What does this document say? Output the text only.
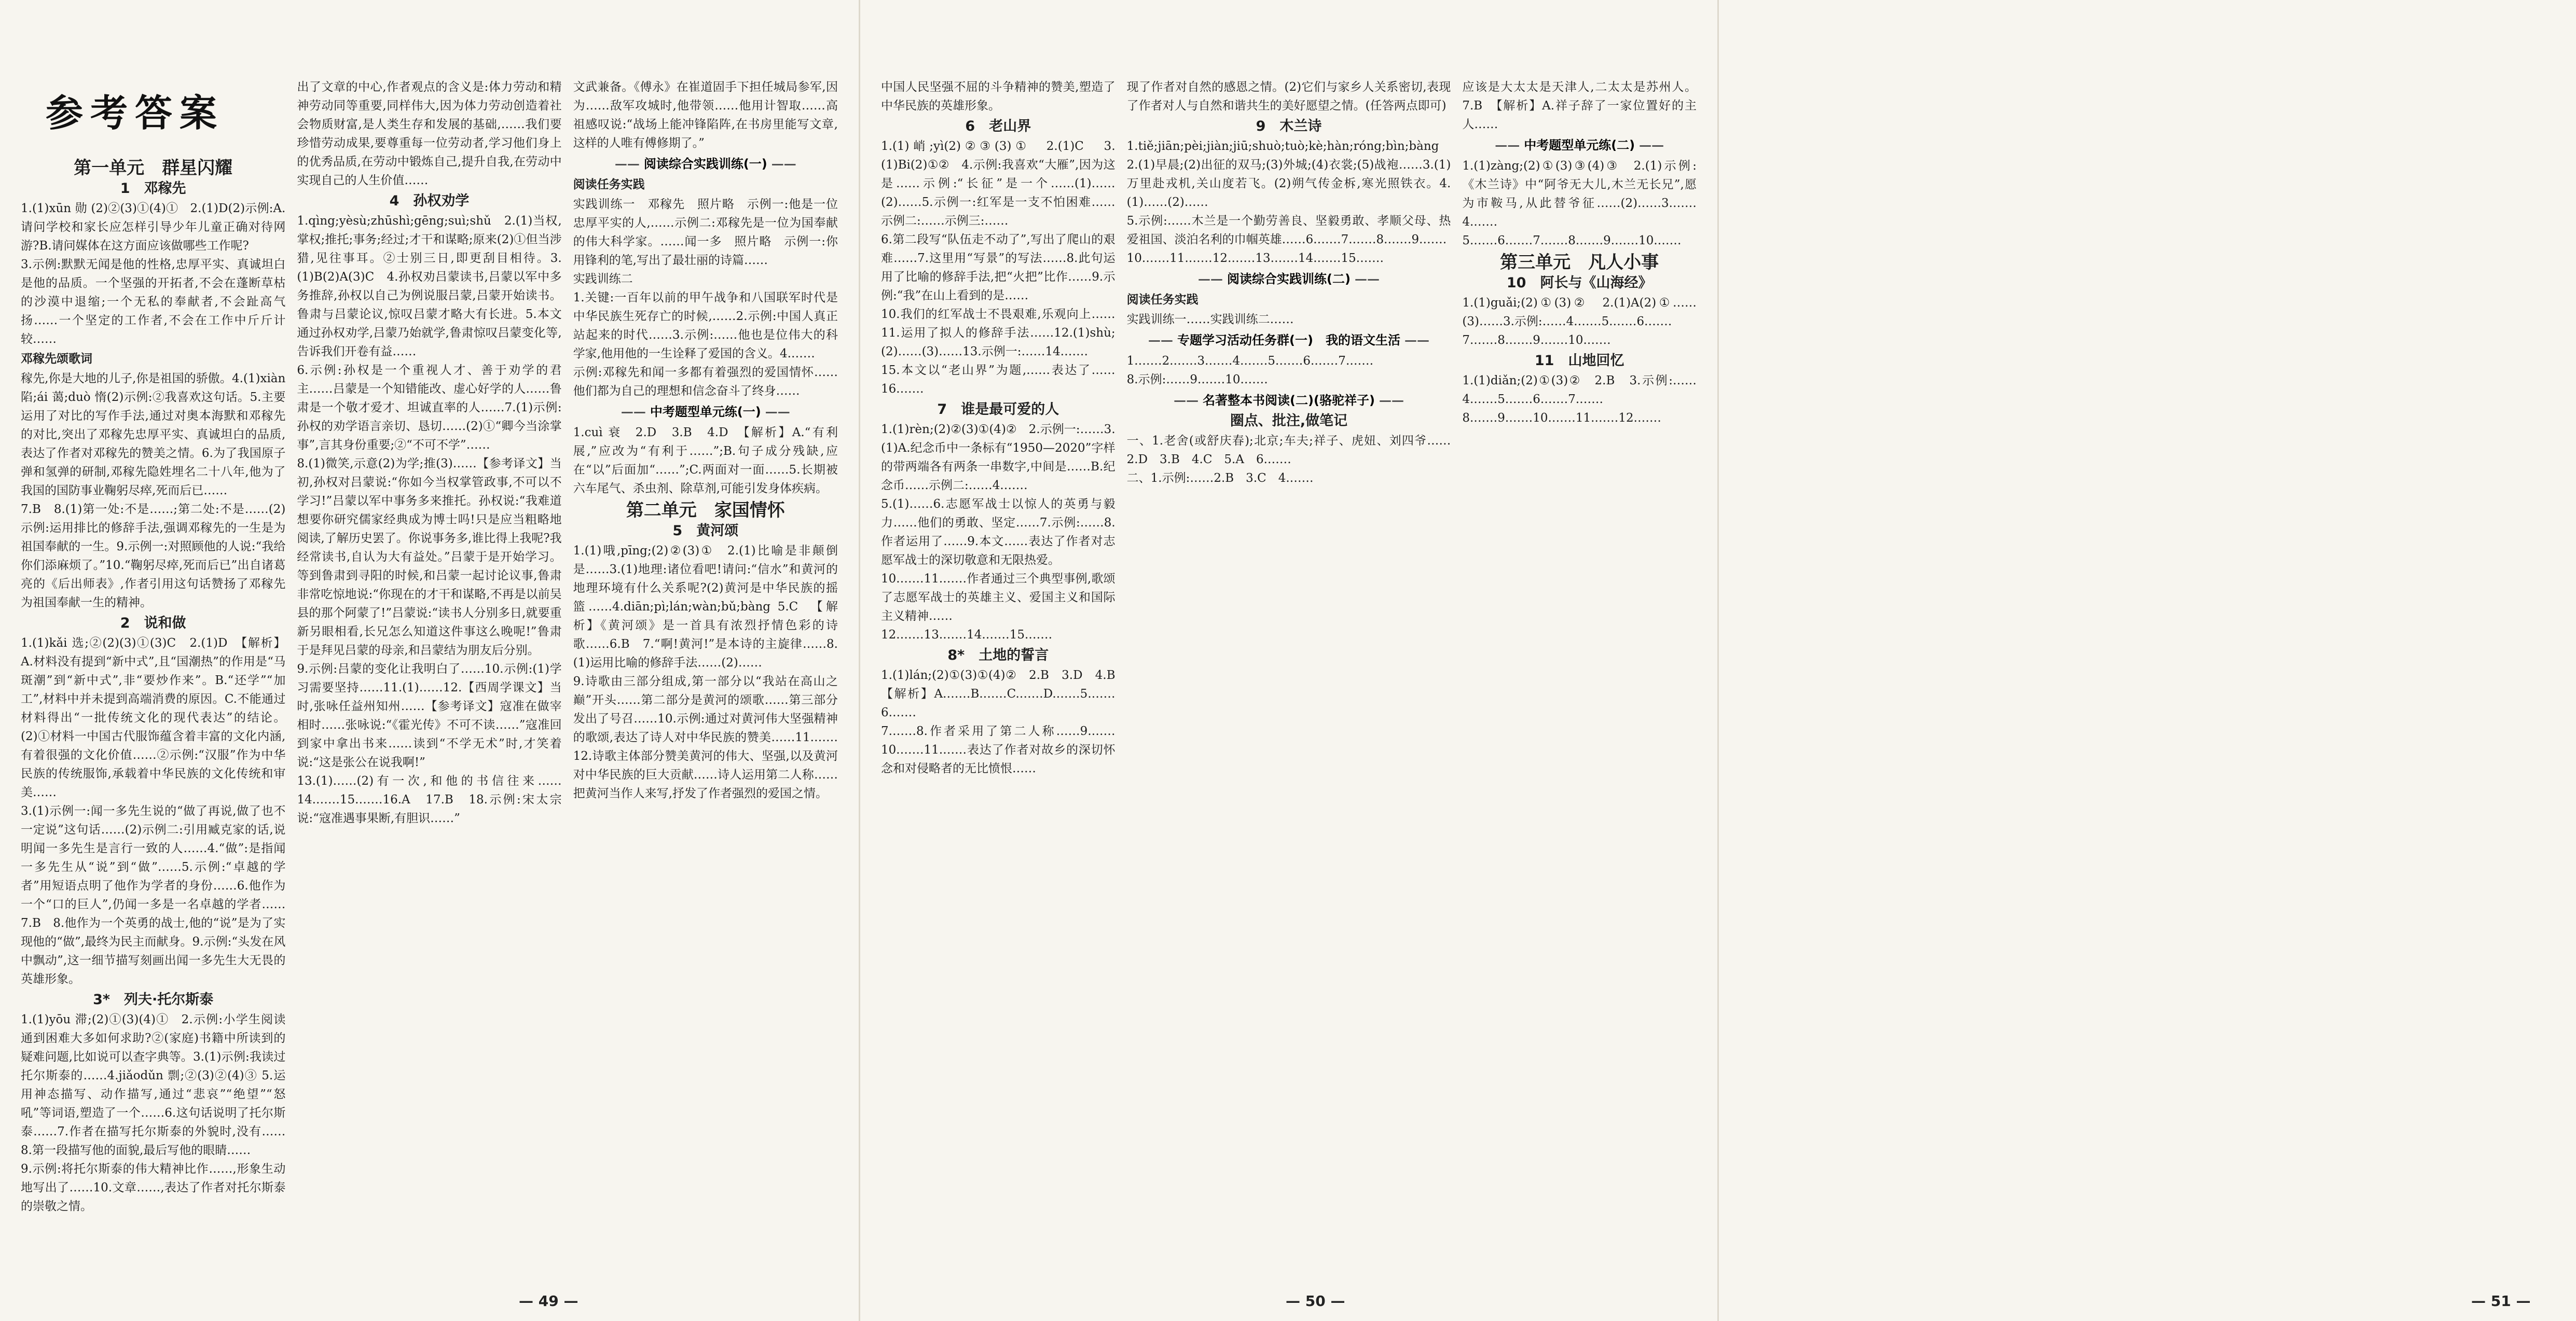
参考答案
第一单元　群星闪耀
1　邓稼先

1.(1)xūn 勋 (2)②(3)①(4)①　2.(1)D(2)示例:A.请问学校和家长应怎样引导少年儿童正确对待网游?B.请问媒体在这方面应该做哪些工作呢?

3.示例:默默无闻是他的性格,忠厚平实、真诚坦白是他的品质。一个坚强的开拓者,不会在蓬断草枯的沙漠中退缩;一个无私的奉献者,不会趾高气扬……一个坚定的工作者,不会在工作中斤斤计较……

邓稼先颂歌词

稼先,你是大地的儿子,你是祖国的骄傲。4.(1)xiàn 陷;ái 蔼;duò 惰(2)示例:②我喜欢这句话。5.主要运用了对比的写作手法,通过对奥本海默和邓稼先的对比,突出了邓稼先忠厚平实、真诚坦白的品质,表达了作者对邓稼先的赞美之情。6.为了我国原子弹和氢弹的研制,邓稼先隐姓埋名二十八年,他为了我国的国防事业鞠躬尽瘁,死而后已……

7.B　8.(1)第一处:不是……;第二处:不是……(2)示例:运用排比的修辞手法,强调邓稼先的一生是为祖国奉献的一生。9.示例一:对照顾他的人说:“我给你们添麻烦了。”10.“鞠躬尽瘁,死而后已”出自诸葛亮的《后出师表》,作者引用这句话赞扬了邓稼先为祖国奉献一生的精神。

2　说和做

1.(1)kǎi 选;②(2)(3)①(3)C　2.(1)D　【解析】A.材料没有提到“新中式”,且“国潮热”的作用是“马斑潮”到“新中式”,非“要炒作来”。B.“还学”“加工”,材料中并未提到高端消费的原因。C.不能通过材料得出“一批传统文化的现代表达”的结论。(2)①材料一中国古代服饰蕴含着丰富的文化内涵,有着很强的文化价值……②示例:“汉服”作为中华民族的传统服饰,承载着中华民族的文化传统和审美……

3.(1)示例一:闻一多先生说的“做了再说,做了也不一定说”这句话……(2)示例二:引用臧克家的话,说明闻一多先生是言行一致的人……4.“做”:是指闻一多先生从“说”到“做”……5.示例:“卓越的学者”用短语点明了他作为学者的身份……6.他作为一个“口的巨人”,仍闻一多是一名卓越的学者……7.B　8.他作为一个英勇的战士,他的“说”是为了实现他的“做”,最终为民主而献身。9.示例:“头发在风中飘动”,这一细节描写刻画出闻一多先生大无畏的英雄形象。

3*　列夫·托尔斯泰

1.(1)yōu 滞;(2)①(3)(4)①　2.示例:小学生阅读通到困难大多如何求助?②(家庭)书籍中所读到的疑难问题,比如说可以查字典等。3.(1)示例:我读过托尔斯泰的……4.jiǎodǔn 剽;②(3)②(4)③ 5.运用神态描写、动作描写,通过“悲哀”“绝望”“怒吼”等词语,塑造了一个……6.这句话说明了托尔斯泰……7.作者在描写托尔斯泰的外貌时,没有……8.第一段描写他的面貌,最后写他的眼睛……

9.示例:将托尔斯泰的伟大精神比作……,形象生动地写出了……10.文章……,表达了作者对托尔斯泰的崇敬之情。

出了文章的中心,作者观点的含义是:体力劳动和精神劳动同等重要,同样伟大,因为体力劳动创造着社会物质财富,是人类生存和发展的基础,……我们要珍惜劳动成果,要尊重每一位劳动者,学习他们身上的优秀品质,在劳动中锻炼自己,提升自我,在劳动中实现自己的人生价值……

4　孙权劝学

1.qìng;yèsù;zhūshì;gēng;suì;shǔ　2.(1)当权,掌权;推托;事务;经过;才干和谋略;原来(2)①但当涉猎,见往事耳。②士别三日,即更刮目相待。3.(1)B(2)A(3)C　4.孙权劝吕蒙读书,吕蒙以军中多务推辞,孙权以自己为例说服吕蒙,吕蒙开始读书。鲁肃与吕蒙论议,惊叹吕蒙才略大有长进。5.本文通过孙权劝学,吕蒙乃始就学,鲁肃惊叹吕蒙变化等,告诉我们开卷有益……

6.示例:孙权是一个重视人才、善于劝学的君主……吕蒙是一个知错能改、虚心好学的人……鲁肃是一个敬才爱才、坦诚直率的人……7.(1)示例:孙权的劝学语言亲切、恳切……(2)①“卿今当涂掌事”,言其身份重要;②“不可不学”……

8.(1)微笑,示意(2)为学;推(3)……【参考译文】当初,孙权对吕蒙说:“你如今当权掌管政事,不可以不学习!”吕蒙以军中事务多来推托。孙权说:“我难道想要你研究儒家经典成为博士吗!只是应当粗略地阅读,了解历史罢了。你说事务多,谁比得上我呢?我经常读书,自认为大有益处。”吕蒙于是开始学习。等到鲁肃到寻阳的时候,和吕蒙一起讨论议事,鲁肃非常吃惊地说:“你现在的才干和谋略,不再是以前吴县的那个阿蒙了!”吕蒙说:“读书人分别多日,就要重新另眼相看,长兄怎么知道这件事这么晚呢!”鲁肃于是拜见吕蒙的母亲,和吕蒙结为朋友后分别。

9.示例:吕蒙的变化让我明白了……10.示例:(1)学习需要坚持……11.(1)……12.【西周学课文】当时,张咏任益州知州……【参考译文】寇准在做宰相时……张咏说:“《霍光传》不可不读……”寇准回到家中拿出书来……读到“不学无术”时,才笑着说:“这是张公在说我啊!”

13.(1)……(2)有一次,和他的书信往来……14.……15.……16.A　17.B　18.示例:宋太宗说:“寇准遇事果断,有胆识……”

文武兼备。《傅永》在崔道固手下担任城局参军,因为……敌军攻城时,他带领……他用计智取……高祖感叹说:“战场上能冲锋陷阵,在书房里能写文章,这样的人唯有傅修期了。”

—— 阅读综合实践训练(一) ——
阅读任务实践

实践训练一　邓稼先　照片略　示例一:他是一位忠厚平实的人,……示例二:邓稼先是一位为国奉献的伟大科学家。……闻一多　照片略　示例一:你用锋利的笔,写出了最壮丽的诗篇……

实践训练二

1.关键:一百年以前的甲午战争和八国联军时代是中华民族生死存亡的时候,……2.示例:中国人真正站起来的时代……3.示例:……他也是位伟大的科学家,他用他的一生诠释了爱国的含义。4.……

示例:邓稼先和闻一多都有着强烈的爱国情怀……他们都为自己的理想和信念奋斗了终身……

—— 中考题型单元练(一) ——

1.cuì 衰　2.D　3.B　4.D　【解析】A.“有利展,”应改为“有利于……”;B.句子成分残缺,应在“以”后面加“……”;C.两面对一面……5.长期被六车尾气、杀虫剂、除草剂,可能引发身体疾病。

第二单元　家国情怀
5　黄河颂

1.(1)哦,pīng;(2)②(3)①　2.(1)比喻是非颠倒是……3.(1)地理:诸位看吧!请问:“信水”和黄河的地理环境有什么关系呢?(2)黄河是中华民族的摇篮……4.diān;pì;lán;wàn;bǔ;bàng 5.C　【解析】《黄河颂》是一首具有浓烈抒情色彩的诗歌……6.B　7.“啊!黄河!”是本诗的主旋律……8.(1)运用比喻的修辞手法……(2)……

9.诗歌由三部分组成,第一部分以“我站在高山之巅”开头……第二部分是黄河的颂歌……第三部分发出了号召……10.示例:通过对黄河伟大坚强精神的歌颂,表达了诗人对中华民族的赞美……11.……12.诗歌主体部分赞美黄河的伟大、坚强,以及黄河对中华民族的巨大贡献……诗人运用第二人称……把黄河当作人来写,抒发了作者强烈的爱国之情。

— 49 —

中国人民坚强不屈的斗争精神的赞美,塑造了中华民族的英雄形象。

6　老山界

1.(1)峭;yì(2)②③(3)①　2.(1)C　3.(1)Bi(2)①②　4.示例:我喜欢“大雁”,因为这是……示例:“长征”是一个……(1)……(2)……5.示例一:红军是一支不怕困难……示例二:……示例三:……

6.第二段写“队伍走不动了”,写出了爬山的艰难……7.这里用“写景”的写法……8.此句运用了比喻的修辞手法,把“火把”比作……9.示例:“我”在山上看到的是……

10.我们的红军战士不畏艰难,乐观向上……11.运用了拟人的修辞手法……12.(1)shù;(2)……(3)……13.示例一:……14.……

15.本文以“老山界”为题,……表达了……16.……

7　谁是最可爱的人

1.(1)rèn;(2)②(3)①(4)②　2.示例一:……3.(1)A.纪念币中一条标有“1950—2020”字样的带两端各有两条一串数字,中间是……B.纪念币……示例二:……4.……

5.(1)……6.志愿军战士以惊人的英勇与毅力……他们的勇敢、坚定……7.示例:……8.作者运用了……9.本文……表达了作者对志愿军战士的深切敬意和无限热爱。

10.……11.……作者通过三个典型事例,歌颂了志愿军战士的英雄主义、爱国主义和国际主义精神……

12.……13.……14.……15.……

8*　土地的誓言

1.(1)lán;(2)①(3)①(4)②　2.B　3.D　4.B　【解析】A.……B.……C.……D.……5.……6.……

7.……8.作者采用了第二人称……9.……10.……11.……表达了作者对故乡的深切怀念和对侵略者的无比愤恨……

现了作者对自然的感恩之情。(2)它们与家乡人关系密切,表现了作者对人与自然和谐共生的美好愿望之情。(任答两点即可)

9　木兰诗

1.tiě;jiān;pèi;jiàn;jiū;shuò;tuò;kè;hàn;róng;bìn;bàng　2.(1)早晨;(2)出征的双马;(3)外城;(4)衣裳;(5)战袍……3.(1)万里赴戎机,关山度若飞。(2)朔气传金柝,寒光照铁衣。4.(1)……(2)……

5.示例:……木兰是一个勤劳善良、坚毅勇敢、孝顺父母、热爱祖国、淡泊名利的巾帼英雄……6.……7.……8.……9.……

10.……11.……12.……13.……14.……15.……

—— 阅读综合实践训练(二) ——
阅读任务实践

实践训练一……实践训练二……

—— 专题学习活动任务群(一)　我的语文生活 ——

1.……2.……3.……4.……5.……6.……7.……

8.示例:……9.……10.……

—— 名著整本书阅读(二)(骆驼祥子) ——
圈点、批注,做笔记

一、1.老舍(或舒庆春);北京;车夫;祥子、虎妞、刘四爷……2.D　3.B　4.C　5.A　6.……

二、1.示例:……2.B　3.C　4.……

应该是大太太是天津人,二太太是苏州人。7.B　【解析】A.祥子辞了一家位置好的主人……

—— 中考题型单元练(二) ——

1.(1)zàng;(2)①(3)③(4)③　2.(1)示例:《木兰诗》中“阿爷无大儿,木兰无长兄”,愿为市鞍马,从此替爷征……(2)……3.……4.……

5.……6.……7.……8.……9.……10.……

第三单元　凡人小事
10　阿长与《山海经》

1.(1)guǎi;(2)①(3)②　2.(1)A(2)①……(3)……3.示例:……4.……5.……6.……

7.……8.……9.……10.……

11　山地回忆

1.(1)diǎn;(2)①(3)②　2.B　3.示例:……4.……5.……6.……7.……

8.……9.……10.……11.……12.……

— 50 —
—	51 —
